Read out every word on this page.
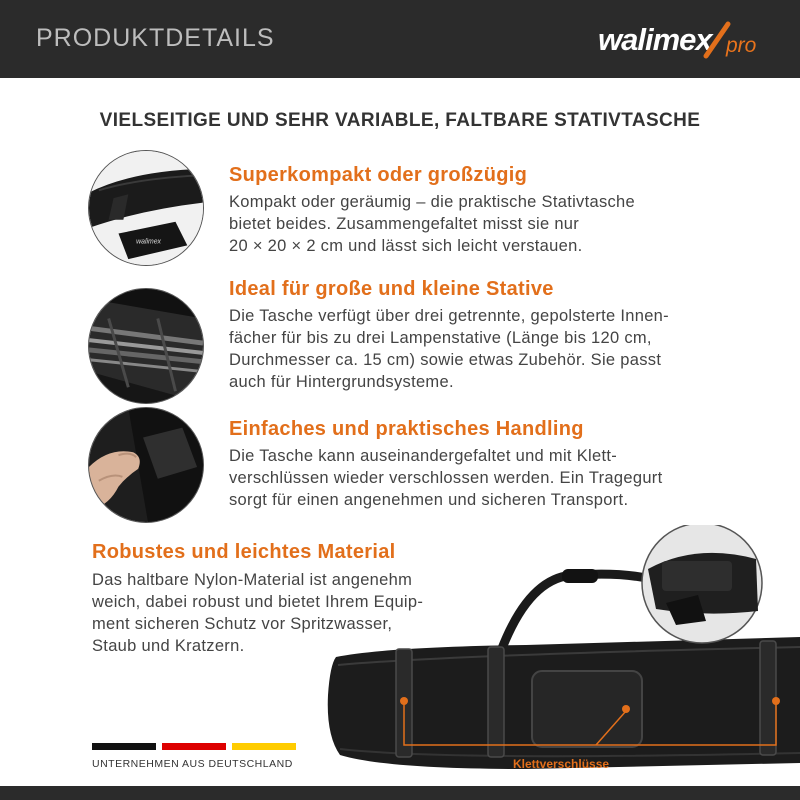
PRODUKTDETAILS	walimex pro
VIELSEITIGE UND SEHR VARIABLE, FALTBARE STATIVTASCHE
walimex
Superkompakt oder großzügig
Kompakt oder geräumig – die praktische Stativtasche
bietet beides. Zusammengefaltet misst sie nur
20 × 20 × 2 cm und lässt sich leicht verstauen.
Ideal für große und kleine Stative
Die Tasche verfügt über drei getrennte, gepolsterte Innen-
fächer für bis zu drei Lampenstative (Länge bis 120 cm,
Durchmesser ca. 15 cm) sowie etwas Zubehör. Sie passt
auch für Hintergrundsysteme.
Einfaches und praktisches Handling
Die Tasche kann auseinandergefaltet und mit Klett-
verschlüssen wieder verschlossen werden. Ein Tragegurt
sorgt für einen angenehmen und sicheren Transport.
Robustes und leichtes Material
Das haltbare Nylon-Material ist angenehm
weich, dabei robust und bietet Ihrem Equip-
ment sicheren Schutz vor Spritzwasser,
Staub und Kratzern.
Klettverschlüsse
UNTERNEHMEN AUS DEUTSCHLAND
